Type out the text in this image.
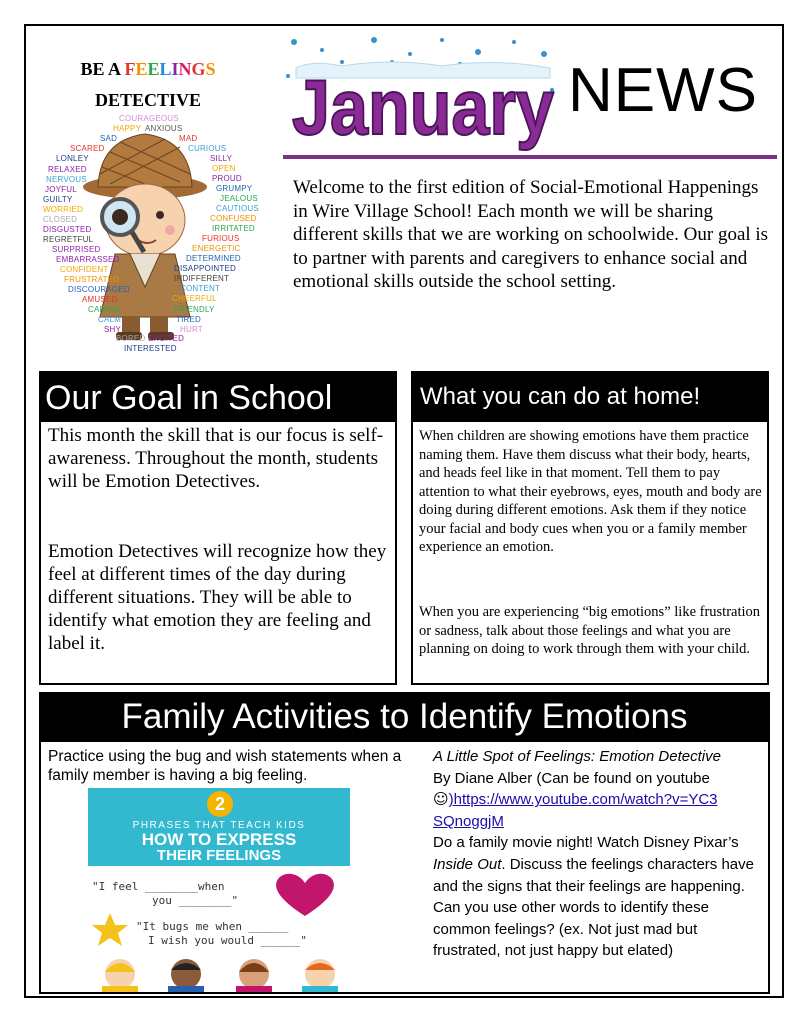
BE A FEELINGS
DETECTIVE
COURAGEOUS
HAPPY ANXIOUS
SAD	MAD
SCARED	CURIOUS
LONLEY	SILLY
RELAXED	OPEN
NERVOUS	PROUD
JOYFUL	GRUMPY
GUILTY	JEALOUS
WORRIED	CAUTIOUS
CLOSED	CONFUSED
DISGUSTED	IRRITATED
REGRETFUL	FURIOUS
SURPRISED	ENERGETIC
EMBARRASSED	DETERMINED
CONFIDENT	DISAPPOINTED
FRUSTRATED	INDIFFERENT
DISCOURAGED	CONTENT
AMUSED	CHEERFUL
CARING	FRIENDLY
CALM	TIRED
SHY	HURT
BORED EXCITED
INTERESTED
January NEWS
Welcome to the first edition of Social-Emotional Happenings in Wire Village School! Each month we will be sharing different skills that we are working on schoolwide. Our goal is to partner with parents and caregivers to enhance social and emotional skills outside the school setting.
Our Goal in School
This month the skill that is our focus is self- awareness. Throughout the month, students will be Emotion Detectives.
Emotion Detectives will recognize how they feel at different times of the day during different situations. They will be able to identify what emotion they are feeling and label it.
What you can do at home!
When children are showing emotions have them practice naming them. Have them discuss what their body, hearts, and heads feel like in that moment. Tell them to pay attention to what their eyebrows, eyes, mouth and body are doing during different emotions. Ask them if they notice your facial and body cues when you or a family member experience an emotion.
When you are experiencing “big emotions” like frustration or sadness, talk about those feelings and what you are planning on doing to work through them with your child.
Family Activities to Identify Emotions
Practice using the bug and wish statements when a family member is having a big feeling.
2
PHRASES THAT TEACH KIDS
HOW TO EXPRESS
THEIR FEELINGS
"I feel ________when
you ________"
"It bugs me when ______
I wish you would ______"
A Little Spot of Feelings: Emotion Detective
By Diane Alber (Can be found on youtube
☺)https://www.youtube.com/watch?v=YC3
SQnoggjM
Do a family movie night! Watch Disney Pixar’s Inside Out. Discuss the feelings characters have and the signs that their feelings are happening. Can you use other words to identify these common feelings? (ex. Not just mad but frustrated, not just happy but elated)
